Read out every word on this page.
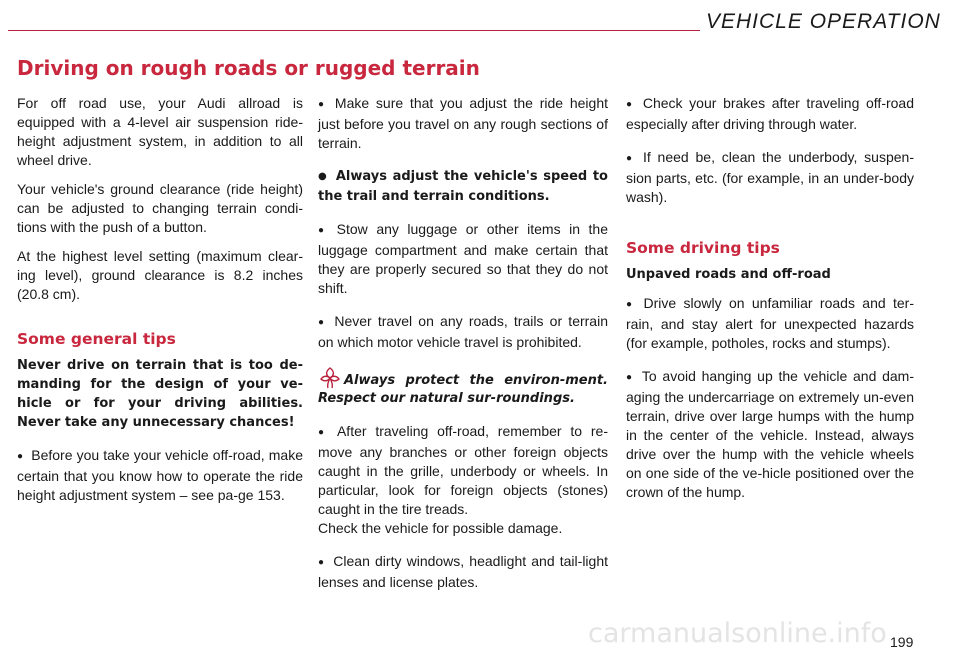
VEHICLE OPERATION
Driving on rough roads or rugged terrain

For off road use, your Audi allroad is equipped with a 4-level air suspension ride-height adjustment system, in addition to all wheel drive.

Your vehicle's ground clearance (ride height) can be adjusted to changing terrain condi-tions with the push of a button.

At the highest level setting (maximum clear-ing level), ground clearance is 8.2 inches (20.8 cm).

Some general tips

Never drive on terrain that is too de-manding for the design of your ve-hicle or for your driving abilities. Never take any unnecessary chances!

● Before you take your vehicle off-road, make certain that you know how to operate the ride height adjustment system – see pa-ge 153.

● Make sure that you adjust the ride height just before you travel on any rough sections of terrain.

● Always adjust the vehicle's speed to the trail and terrain conditions.

● Stow any luggage or other items in the luggage compartment and make certain that they are properly secured so that they do not shift.

● Never travel on any roads, trails or terrain on which motor vehicle travel is prohibited.

Always protect the environ-ment. Respect our natural sur-roundings.

● After traveling off-road, remember to re-move any branches or other foreign objects caught in the grille, underbody or wheels. In particular, look for foreign objects (stones) caught in the tire treads.

Check the vehicle for possible damage.

● Clean dirty windows, headlight and tail-light lenses and license plates.

● Check your brakes after traveling off-road especially after driving through water.

● If need be, clean the underbody, suspen-sion parts, etc. (for example, in an under-body wash).

Some driving tips
Unpaved roads and off-road

● Drive slowly on unfamiliar roads and ter-rain, and stay alert for unexpected hazards (for example, potholes, rocks and stumps).

● To avoid hanging up the vehicle and dam-aging the undercarriage on extremely un-even terrain, drive over large humps with the hump in the center of the vehicle. Instead, always drive over the hump with the vehicle wheels on one side of the ve-hicle positioned over the crown of the hump.

carmanualsonline.info 199
